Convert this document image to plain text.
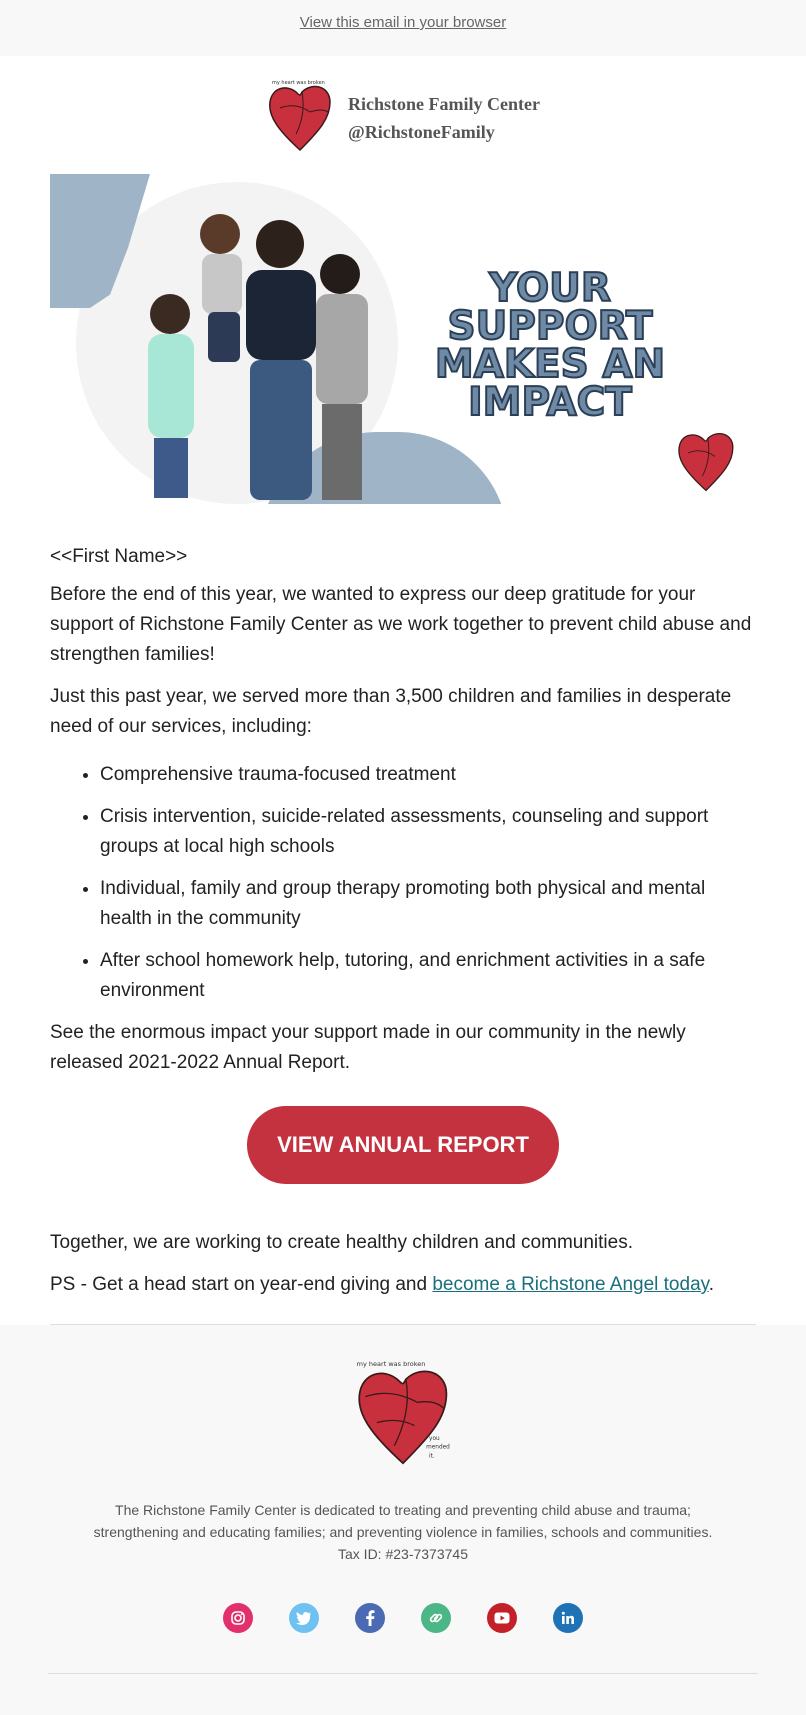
View this email in your browser
my heart was broken
Richstone Family Center
@RichstoneFamily
YOUR SUPPORT
MAKES AN
IMPACT

<<First Name>>

Before the end of this year, we wanted to express our deep gratitude for your support of Richstone Family Center as we work together to prevent child abuse and strengthen families!

Just this past year, we served more than 3,500 children and families in desperate need of our services, including:

• Comprehensive trauma-focused treatment
• Crisis intervention, suicide-related assessments, counseling and support groups at local high schools
• Individual, family and group therapy promoting both physical and mental health in the community
• After school homework help, tutoring, and enrichment activities in a safe environment

See the enormous impact your support made in our community in the newly released 2021-2022 Annual Report.

VIEW ANNUAL REPORT

Together, we are working to create healthy children and communities.

PS - Get a head start on year-end giving and become a Richstone Angel today.

my heart was broken
you
mended
it.
The Richstone Family Center is dedicated to treating and preventing child abuse and trauma;
strengthening and educating families; and preventing violence in families, schools and communities.
Tax ID: #23-7373745
